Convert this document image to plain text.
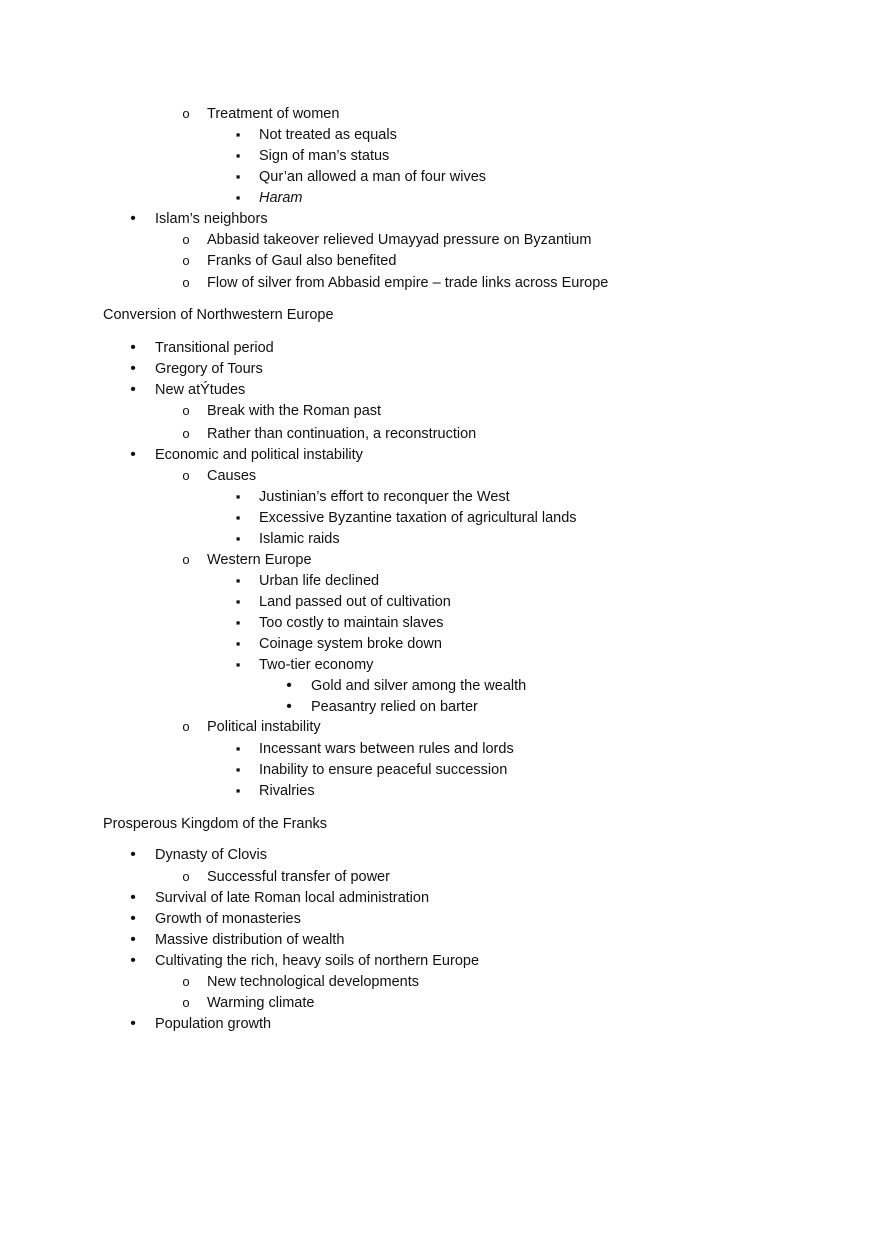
o
Treatment of women
▪
Not treated as equals
▪
Sign of man’s status
▪
Qur’an allowed a man of four wives
▪
Haram
•
Islam’s neighbors
o
Abbasid takeover relieved Umayyad pressure on Byzantium
o
Franks of Gaul also benefited
o
Flow of silver from Abbasid empire – trade links across Europe
Conversion of Northwestern Europe
•
Transitional period
•
Gregory of Tours
•
New atÝtudes
o
Break with the Roman past
o
Rather than continuation, a reconstruction
•
Economic and political instability
o
Causes
▪
Justinian’s effort to reconquer the West
▪
Excessive Byzantine taxation of agricultural lands
▪
Islamic raids
o
Western Europe
▪
Urban life declined
▪
Land passed out of cultivation
▪
Too costly to maintain slaves
▪
Coinage system broke down
▪
Two-tier economy
•
Gold and silver among the wealth
•
Peasantry relied on barter
o
Political instability
▪
Incessant wars between rules and lords
▪
Inability to ensure peaceful succession
▪
Rivalries
Prosperous Kingdom of the Franks
•
Dynasty of Clovis
o
Successful transfer of power
•
Survival of late Roman local administration
•
Growth of monasteries
•
Massive distribution of wealth
•
Cultivating the rich, heavy soils of northern Europe
o
New technological developments
o
Warming climate
•
Population growth
